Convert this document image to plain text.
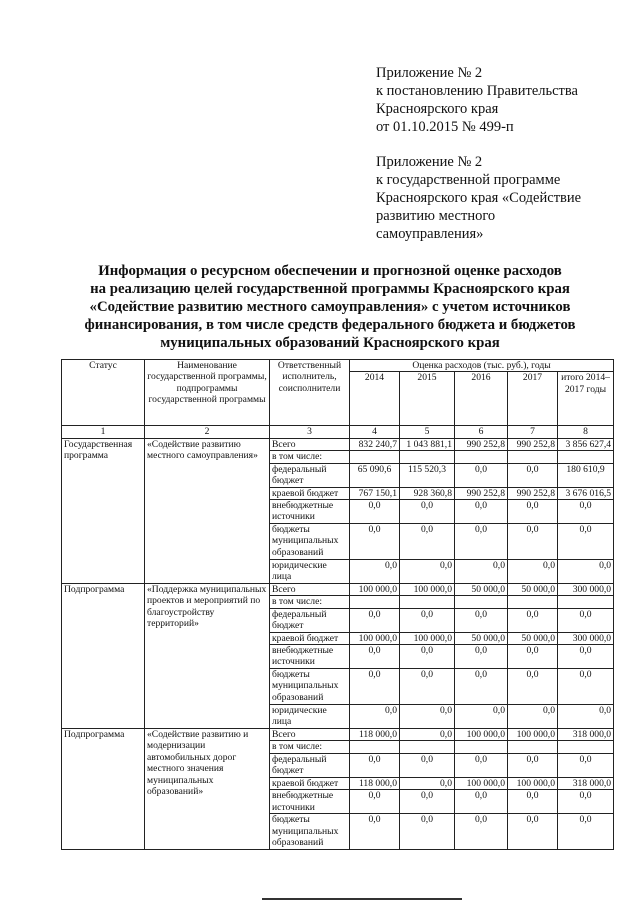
Приложение № 2
к постановлению Правительства
Красноярского края
от 01.10.2015 № 499-п
Приложение № 2
к государственной программе
Красноярского края «Содействие
развитию местного
самоуправления»
Информация о ресурсном обеспечении и прогнозной оценке расходов
на реализацию целей государственной программы Красноярского края
«Содействие развитию местного самоуправления» с учетом источников
финансирования, в том числе средств федерального бюджета и бюджетов
муниципальных образований Красноярского края
Статус	Наименование государственной программы, подпрограммы государственной программы	Ответственный исполнитель, соисполнители	Оценка расходов (тыс. руб.), годы				
			2014	2015	2016	2017	итого 2014–2017 годы
1	2	3	4	5	6	7	8
Государственная программа	«Содействие развитию местного самоуправления»	Всего	832 240,7	1 043 881,1	990 252,8	990 252,8	3 856 627,4
		в том числе:					
		федеральный бюджет	65 090,6	115 520,3	0,0	0,0	180 610,9
		краевой бюджет	767 150,1	928 360,8	990 252,8	990 252,8	3 676 016,5
		внебюджетные источники	0,0	0,0	0,0	0,0	0,0
		бюджеты муниципальных образований	0,0	0,0	0,0	0,0	0,0
		юридические лица	0,0	0,0	0,0	0,0	0,0
Подпрограмма	«Поддержка муниципальных проектов и мероприятий по благоустройству территорий»	Всего	100 000,0	100 000,0	50 000,0	50 000,0	300 000,0
		в том числе:					
		федеральный бюджет	0,0	0,0	0,0	0,0	0,0
		краевой бюджет	100 000,0	100 000,0	50 000,0	50 000,0	300 000,0
		внебюджетные источники	0,0	0,0	0,0	0,0	0,0
		бюджеты муниципальных образований	0,0	0,0	0,0	0,0	0,0
		юридические лица	0,0	0,0	0,0	0,0	0,0
Подпрограмма	«Содействие развитию и модернизации автомобильных дорог местного значения муниципальных образований»	Всего	118 000,0	0,0	100 000,0	100 000,0	318 000,0
		в том числе:					
		федеральный бюджет	0,0	0,0	0,0	0,0	0,0
		краевой бюджет	118 000,0	0,0	100 000,0	100 000,0	318 000,0
		внебюджетные источники	0,0	0,0	0,0	0,0	0,0
		бюджеты муниципальных образований	0,0	0,0	0,0	0,0	0,0
